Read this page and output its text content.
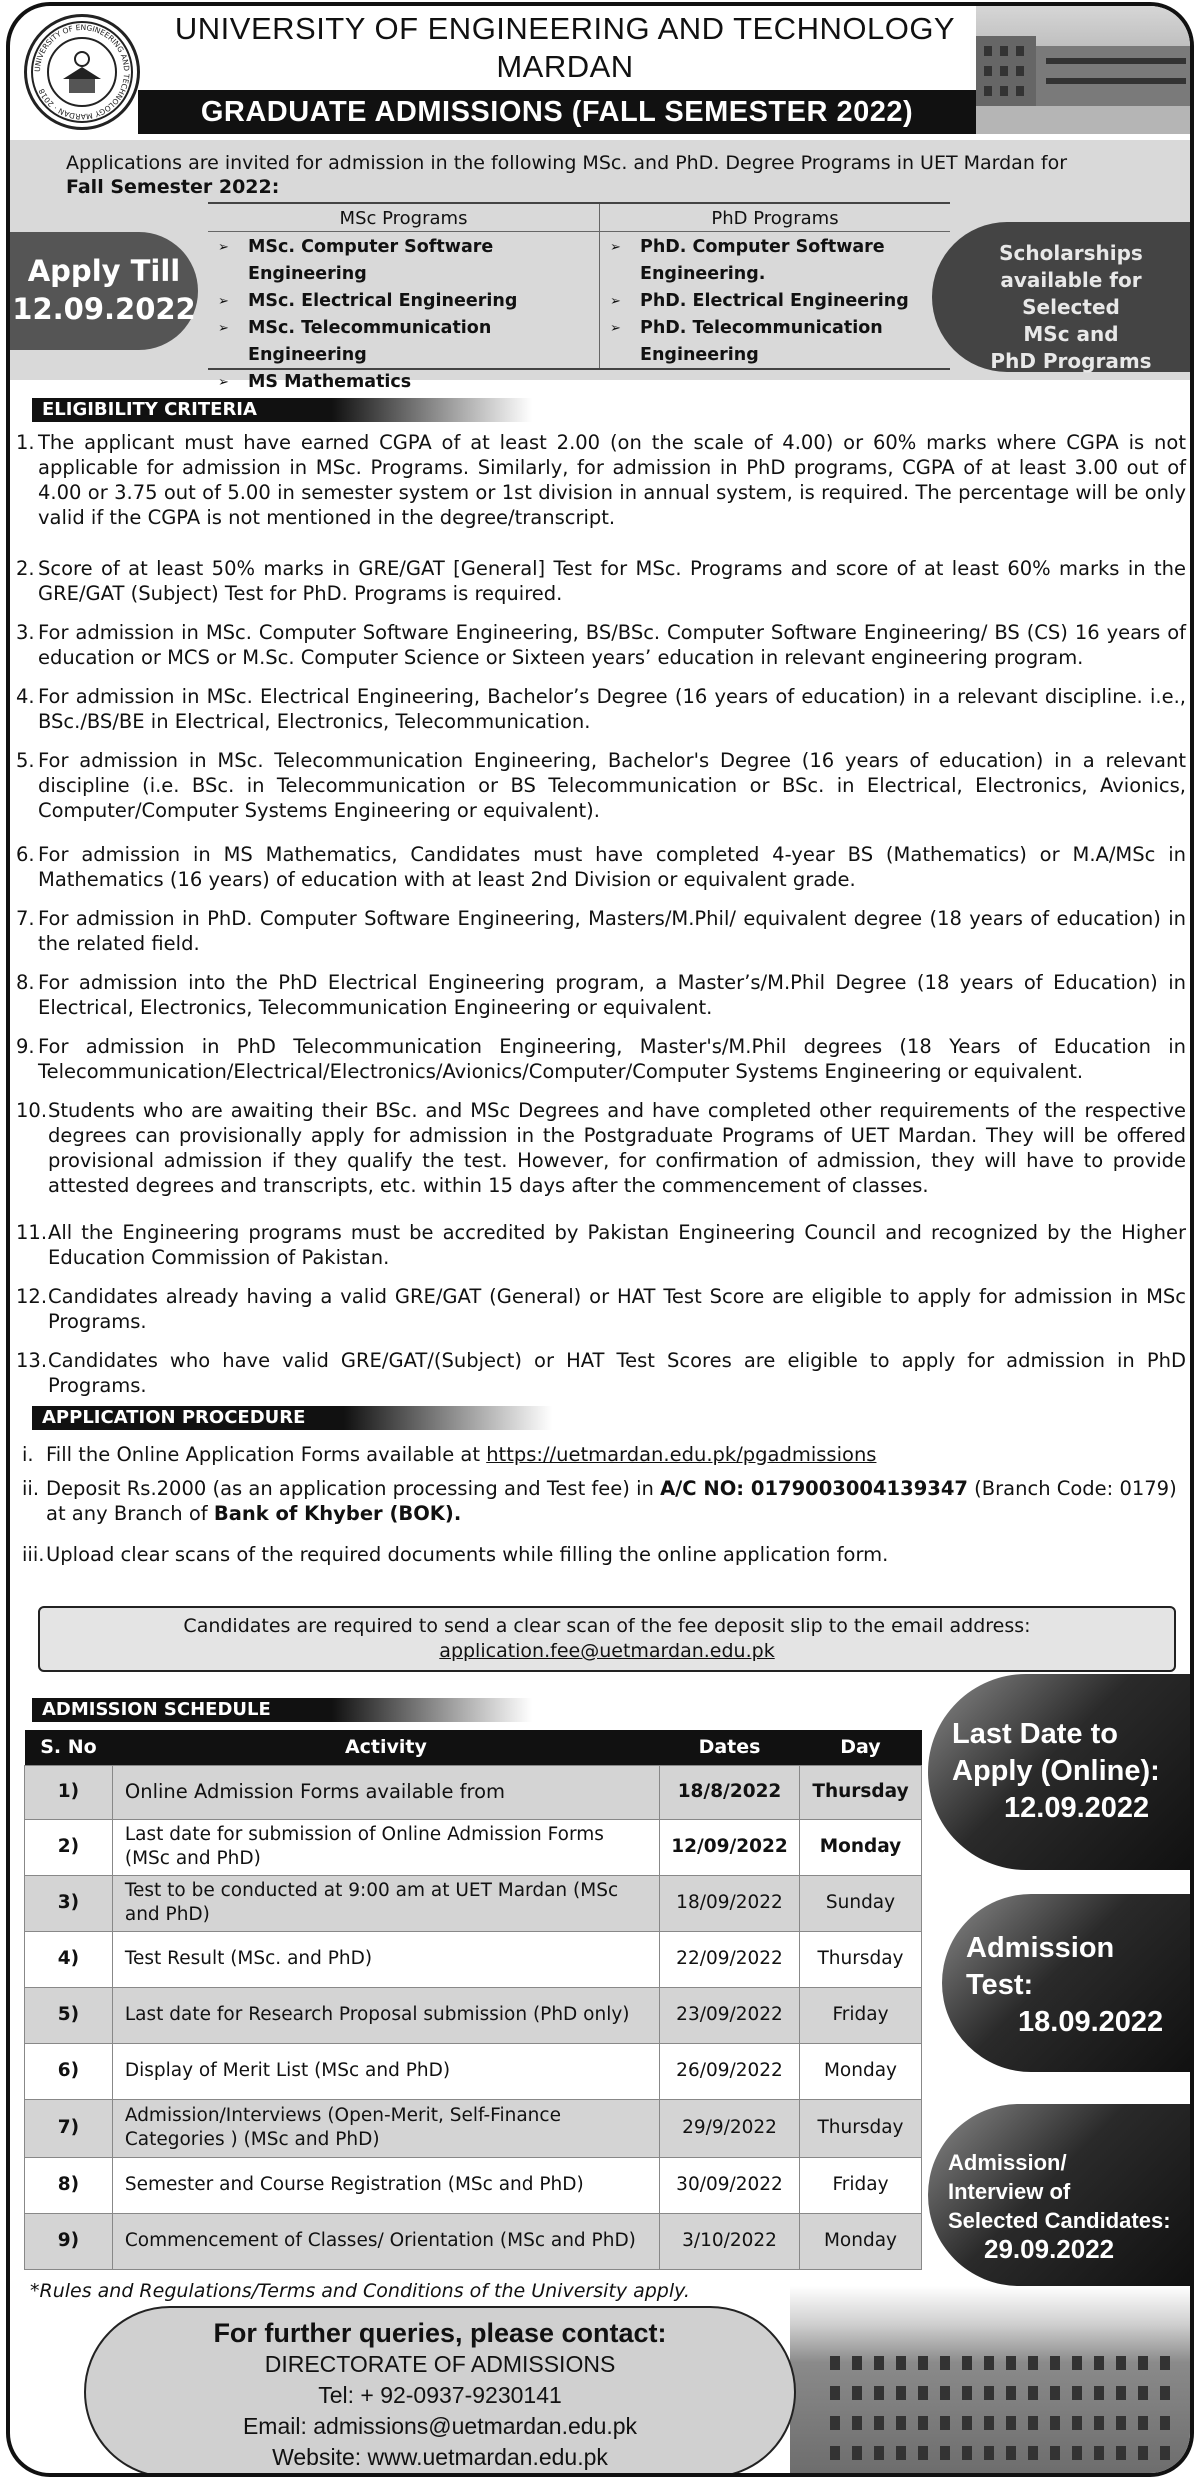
UNIVERSITY OF ENGINEERING AND TECHNOLOGY MARDAN · 2018
UNIVERSITY OF ENGINEERING AND TECHNOLOGY
MARDAN
GRADUATE ADMISSIONS (FALL SEMESTER 2022)
Applications are invited for admission in the following MSc. and PhD. Degree Programs in UET Mardan for
Fall Semester 2022:
Apply Till
12.09.2022
MSc Programs
➢ MSc. Computer Software Engineering
➢ MSc. Electrical Engineering
➢ MSc. Telecommunication Engineering
➢ MS Mathematics
PhD Programs
➢ PhD. Computer Software Engineering.
➢ PhD. Electrical Engineering
➢ PhD. Telecommunication Engineering
Scholarships
available for Selected
MSc and
PhD Programs
ELIGIBILITY CRITERIA
1. The applicant must have earned CGPA of at least 2.00 (on the scale of 4.00) or 60% marks where CGPA is not applicable for admission in MSc. Programs. Similarly, for admission in PhD programs, CGPA of at least 3.00 out of 4.00 or 3.75 out of 5.00 in semester system or 1st division in annual system, is required. The percentage will be only valid if the CGPA is not mentioned in the degree/transcript.
2. Score of at least 50% marks in GRE/GAT [General] Test for MSc. Programs and score of at least 60% marks in the GRE/GAT (Subject) Test for PhD. Programs is required.
3. For admission in MSc. Computer Software Engineering, BS/BSc. Computer Software Engineering/ BS (CS) 16 years of education or MCS or M.Sc. Computer Science or Sixteen years’ education in relevant engineering program.
4. For admission in MSc. Electrical Engineering, Bachelor’s Degree (16 years of education) in a relevant discipline. i.e., BSc./BS/BE in Electrical, Electronics, Telecommunication.
5. For admission in MSc. Telecommunication Engineering, Bachelor's Degree (16 years of education) in a relevant discipline (i.e. BSc. in Telecommunication or BS Telecommunication or BSc. in Electrical, Electronics, Avionics, Computer/Computer Systems Engineering or equivalent).
6. For admission in MS Mathematics, Candidates must have completed 4-year BS (Mathematics) or M.A/MSc in Mathematics (16 years) of education with at least 2nd Division or equivalent grade.
7. For admission in PhD. Computer Software Engineering, Masters/M.Phil/ equivalent degree (18 years of education) in the related field.
8. For admission into the PhD Electrical Engineering program, a Master’s/M.Phil Degree (18 years of Education) in Electrical, Electronics, Telecommunication Engineering or equivalent.
9. For admission in PhD Telecommunication Engineering, Master's/M.Phil degrees (18 Years of Education in Telecommunication/Electrical/Electronics/Avionics/Computer/Computer Systems Engineering or equivalent.
10. Students who are awaiting their BSc. and MSc Degrees and have completed other requirements of the respective degrees can provisionally apply for admission in the Postgraduate Programs of UET Mardan. They will be offered provisional admission if they qualify the test. However, for confirmation of admission, they will have to provide attested degrees and transcripts, etc. within 15 days after the commencement of classes.
11. All the Engineering programs must be accredited by Pakistan Engineering Council and recognized by the Higher Education Commission of Pakistan.
12. Candidates already having a valid GRE/GAT (General) or HAT Test Score are eligible to apply for admission in MSc Programs.
13. Candidates who have valid GRE/GAT/(Subject) or HAT Test Scores are eligible to apply for admission in PhD Programs.
APPLICATION PROCEDURE
i. Fill the Online Application Forms available at https://uetmardan.edu.pk/pgadmissions
ii. Deposit Rs.2000 (as an application processing and Test fee) in A/C NO: 0179003004139347 (Branch Code: 0179) at any Branch of Bank of Khyber (BOK).
iii. Upload clear scans of the required documents while filling the online application form.
Candidates are required to send a clear scan of the fee deposit slip to the email address:
application.fee@uetmardan.edu.pk
ADMISSION SCHEDULE
S. No	Activity	Dates	Day
1)	Online Admission Forms available from	18/8/2022	Thursday
2)	Last date for submission of Online Admission Forms (MSc and PhD)	12/09/2022	Monday
3)	Test to be conducted at 9:00 am at UET Mardan (MSc and PhD)	18/09/2022	Sunday
4)	Test Result (MSc. and PhD)	22/09/2022	Thursday
5)	Last date for Research Proposal submission (PhD only)	23/09/2022	Friday
6)	Display of Merit List (MSc and PhD)	26/09/2022	Monday
7)	Admission/Interviews (Open-Merit, Self-Finance Categories ) (MSc and PhD)	29/9/2022	Thursday
8)	Semester and Course Registration (MSc and PhD)	30/09/2022	Friday
9)	Commencement of Classes/ Orientation (MSc and PhD)	3/10/2022	Monday
Last Date to
Apply (Online):
12.09.2022
Admission
Test:
18.09.2022
Admission/
Interview of
Selected Candidates:
29.09.2022
*Rules and Regulations/Terms and Conditions of the University apply.
For further queries, please contact:
DIRECTORATE OF ADMISSIONS
Tel: + 92-0937-9230141
Email: admissions@uetmardan.edu.pk
Website: www.uetmardan.edu.pk
